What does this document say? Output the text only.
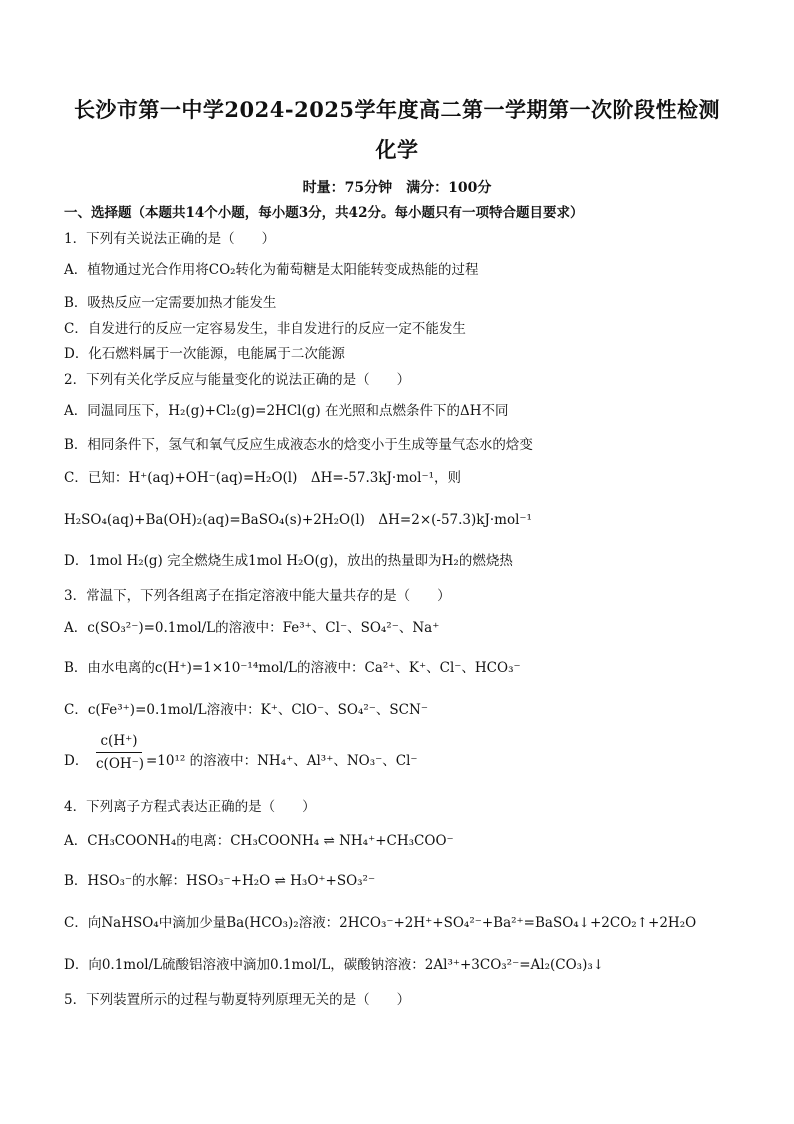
长沙市第一中学2024-2025学年度高二第一学期第一次阶段性检测
化学
时量：75分钟　满分：100分
一、选择题（本题共14个小题，每小题3分，共42分。每小题只有一项特合题目要求）
1．下列有关说法正确的是（　　）
A．植物通过光合作用将CO₂转化为葡萄糖是太阳能转变成热能的过程
B．吸热反应一定需要加热才能发生
C．自发进行的反应一定容易发生，非自发进行的反应一定不能发生
D．化石燃料属于一次能源，电能属于二次能源
2．下列有关化学反应与能量变化的说法正确的是（　　）
A．同温同压下，H₂(g)+Cl₂(g)=2HCl(g) 在光照和点燃条件下的ΔH不同
B．相同条件下，氢气和氧气反应生成液态水的焓变小于生成等量气态水的焓变
C．已知：H⁺(aq)+OH⁻(aq)=H₂O(l)　ΔH=-57.3kJ·mol⁻¹，则
H₂SO₄(aq)+Ba(OH)₂(aq)=BaSO₄(s)+2H₂O(l)　ΔH=2×(-57.3)kJ·mol⁻¹
D．1mol H₂(g) 完全燃烧生成1mol H₂O(g)，放出的热量即为H₂的燃烧热
3．常温下，下列各组离子在指定溶液中能大量共存的是（　　）
A．c(SO₃²⁻)=0.1mol/L的溶液中：Fe³⁺、Cl⁻、SO₄²⁻、Na⁺
B．由水电离的c(H⁺)=1×10⁻¹⁴mol/L的溶液中：Ca²⁺、K⁺、Cl⁻、HCO₃⁻
C．c(Fe³⁺)=0.1mol/L溶液中：K⁺、ClO⁻、SO₄²⁻、SCN⁻
D．
c(H⁺)
c(OH⁻) =10¹² 的溶液中：NH₄⁺、Al³⁺、NO₃⁻、Cl⁻
4．下列离子方程式表达正确的是（　　）
A．CH₃COONH₄的电离：CH₃COONH₄ ⇌ NH₄⁺+CH₃COO⁻
B．HSO₃⁻的水解：HSO₃⁻+H₂O ⇌ H₃O⁺+SO₃²⁻
C．向NaHSO₄中滴加少量Ba(HCO₃)₂溶液：2HCO₃⁻+2H⁺+SO₄²⁻+Ba²⁺=BaSO₄↓+2CO₂↑+2H₂O
D．向0.1mol/L硫酸铝溶液中滴加0.1mol/L，碳酸钠溶液：2Al³⁺+3CO₃²⁻=Al₂(CO₃)₃↓
5．下列装置所示的过程与勒夏特列原理无关的是（　　）
